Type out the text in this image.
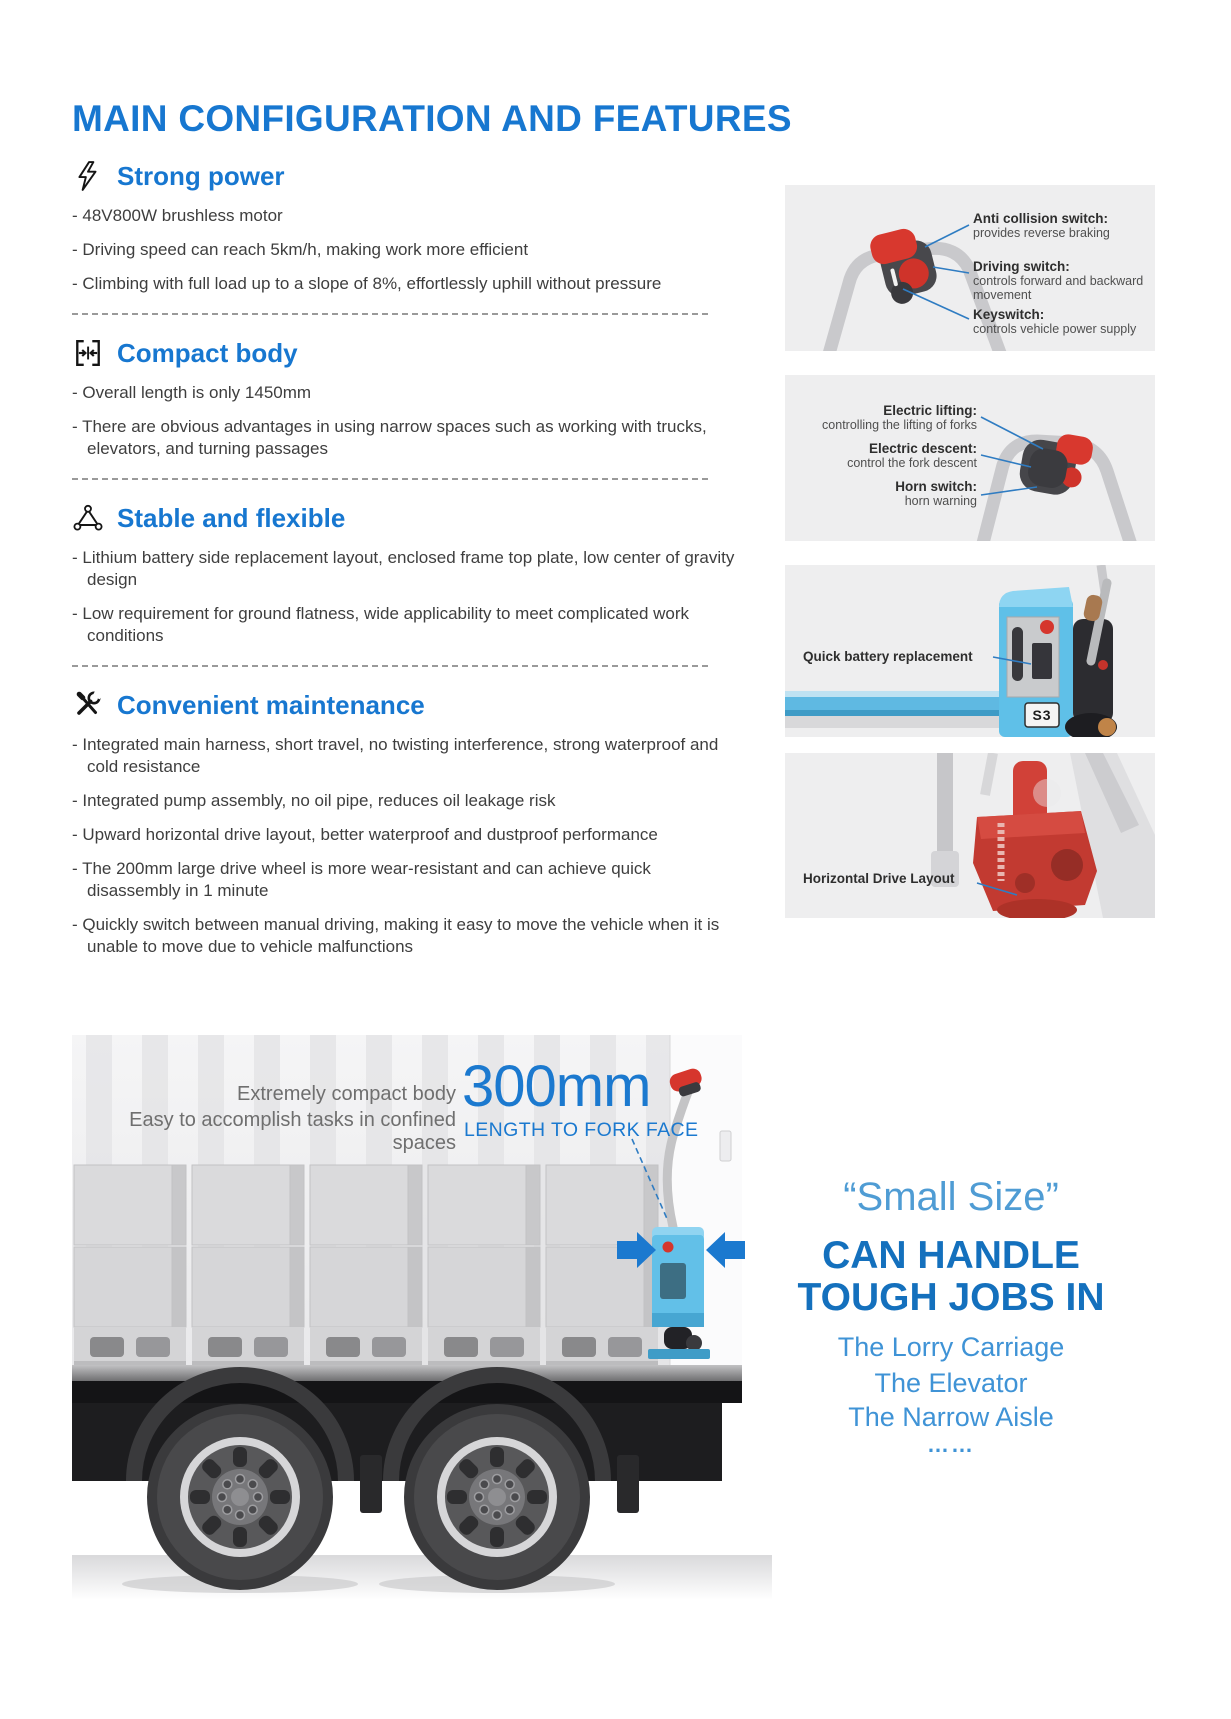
MAIN CONFIGURATION AND FEATURES
Strong power

- 48V800W brushless motor

- Driving speed can reach 5km/h, making work more efficient

- Climbing with full load up to a slope of 8%, effortlessly uphill without pressure

Compact body

- Overall length is only 1450mm

- There are obvious advantages in using narrow spaces such as working with trucks, elevators, and turning passages

Stable and flexible

- Lithium battery side replacement layout, enclosed frame top plate, low center of gravity design

- Low requirement for ground flatness, wide applicability to meet complicated work conditions

Convenient maintenance

- Integrated main harness, short travel, no twisting interference, strong waterproof and cold resistance

- Integrated pump assembly, no oil pipe, reduces oil leakage risk

- Upward horizontal drive layout, better waterproof and dustproof performance

- The 200mm large drive wheel is more wear-resistant and can achieve quick disassembly in 1 minute

- Quickly switch between manual driving, making it easy to move the vehicle when it is unable to move due to vehicle malfunctions

Anti collision switch:
provides reverse braking
Driving switch:
controls forward and backward movement
Keyswitch:
controls vehicle power supply
Electric lifting:
controlling the lifting of forks
Electric descent:
control the fork descent
Horn switch:
horn warning
Quick battery replacement
S3
Horizontal Drive Layout
Extremely compact body
Easy to accomplish tasks in confined spaces
300mm
LENGTH TO FORK FACE
“Small Size”
CAN HANDLE
TOUGH JOBS IN
The Lorry Carriage
The Elevator
The Narrow Aisle
……
